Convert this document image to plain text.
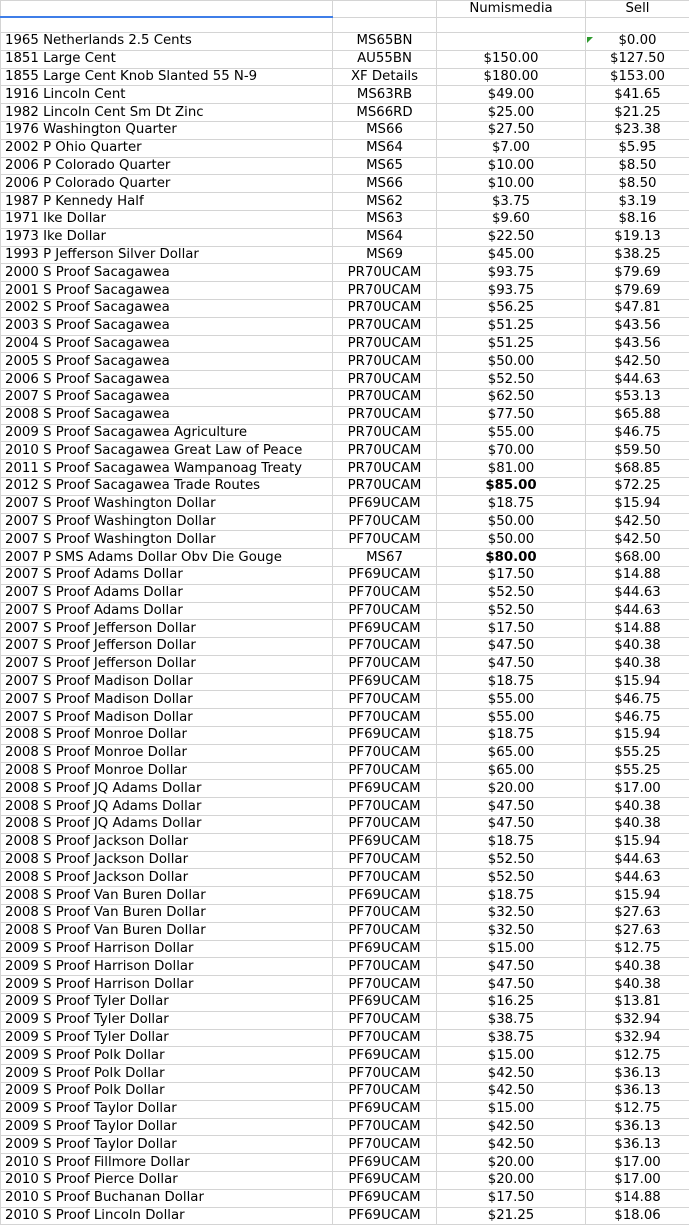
		Numismedia	Sell

1965 Netherlands 2.5 Cents	MS65BN		$0.00
1851 Large Cent	AU55BN	$150.00	$127.50
1855 Large Cent Knob Slanted 55 N-9	XF Details	$180.00	$153.00
1916 Lincoln Cent	MS63RB	$49.00	$41.65
1982 Lincoln Cent Sm Dt Zinc	MS66RD	$25.00	$21.25
1976 Washington Quarter	MS66	$27.50	$23.38
2002 P Ohio Quarter	MS64	$7.00	$5.95
2006 P Colorado Quarter	MS65	$10.00	$8.50
2006 P Colorado Quarter	MS66	$10.00	$8.50
1987 P Kennedy Half	MS62	$3.75	$3.19
1971 Ike Dollar	MS63	$9.60	$8.16
1973 Ike Dollar	MS64	$22.50	$19.13
1993 P Jefferson Silver Dollar	MS69	$45.00	$38.25
2000 S Proof Sacagawea	PR70UCAM	$93.75	$79.69
2001 S Proof Sacagawea	PR70UCAM	$93.75	$79.69
2002 S Proof Sacagawea	PR70UCAM	$56.25	$47.81
2003 S Proof Sacagawea	PR70UCAM	$51.25	$43.56
2004 S Proof Sacagawea	PR70UCAM	$51.25	$43.56
2005 S Proof Sacagawea	PR70UCAM	$50.00	$42.50
2006 S Proof Sacagawea	PR70UCAM	$52.50	$44.63
2007 S Proof Sacagawea	PR70UCAM	$62.50	$53.13
2008 S Proof Sacagawea	PR70UCAM	$77.50	$65.88
2009 S Proof Sacagawea Agriculture	PR70UCAM	$55.00	$46.75
2010 S Proof Sacagawea Great Law of Peace	PR70UCAM	$70.00	$59.50
2011 S Proof Sacagawea Wampanoag Treaty	PR70UCAM	$81.00	$68.85
2012 S Proof Sacagawea Trade Routes	PR70UCAM	$85.00	$72.25
2007 S Proof Washington Dollar	PF69UCAM	$18.75	$15.94
2007 S Proof Washington Dollar	PF70UCAM	$50.00	$42.50
2007 S Proof Washington Dollar	PF70UCAM	$50.00	$42.50
2007 P SMS Adams Dollar Obv Die Gouge	MS67	$80.00	$68.00
2007 S Proof Adams Dollar	PF69UCAM	$17.50	$14.88
2007 S Proof Adams Dollar	PF70UCAM	$52.50	$44.63
2007 S Proof Adams Dollar	PF70UCAM	$52.50	$44.63
2007 S Proof Jefferson Dollar	PF69UCAM	$17.50	$14.88
2007 S Proof Jefferson Dollar	PF70UCAM	$47.50	$40.38
2007 S Proof Jefferson Dollar	PF70UCAM	$47.50	$40.38
2007 S Proof Madison Dollar	PF69UCAM	$18.75	$15.94
2007 S Proof Madison Dollar	PF70UCAM	$55.00	$46.75
2007 S Proof Madison Dollar	PF70UCAM	$55.00	$46.75
2008 S Proof Monroe Dollar	PF69UCAM	$18.75	$15.94
2008 S Proof Monroe Dollar	PF70UCAM	$65.00	$55.25
2008 S Proof Monroe Dollar	PF70UCAM	$65.00	$55.25
2008 S Proof JQ Adams Dollar	PF69UCAM	$20.00	$17.00
2008 S Proof JQ Adams Dollar	PF70UCAM	$47.50	$40.38
2008 S Proof JQ Adams Dollar	PF70UCAM	$47.50	$40.38
2008 S Proof Jackson Dollar	PF69UCAM	$18.75	$15.94
2008 S Proof Jackson Dollar	PF70UCAM	$52.50	$44.63
2008 S Proof Jackson Dollar	PF70UCAM	$52.50	$44.63
2008 S Proof Van Buren Dollar	PF69UCAM	$18.75	$15.94
2008 S Proof Van Buren Dollar	PF70UCAM	$32.50	$27.63
2008 S Proof Van Buren Dollar	PF70UCAM	$32.50	$27.63
2009 S Proof Harrison Dollar	PF69UCAM	$15.00	$12.75
2009 S Proof Harrison Dollar	PF70UCAM	$47.50	$40.38
2009 S Proof Harrison Dollar	PF70UCAM	$47.50	$40.38
2009 S Proof Tyler Dollar	PF69UCAM	$16.25	$13.81
2009 S Proof Tyler Dollar	PF70UCAM	$38.75	$32.94
2009 S Proof Tyler Dollar	PF70UCAM	$38.75	$32.94
2009 S Proof Polk Dollar	PF69UCAM	$15.00	$12.75
2009 S Proof Polk Dollar	PF70UCAM	$42.50	$36.13
2009 S Proof Polk Dollar	PF70UCAM	$42.50	$36.13
2009 S Proof Taylor Dollar	PF69UCAM	$15.00	$12.75
2009 S Proof Taylor Dollar	PF70UCAM	$42.50	$36.13
2009 S Proof Taylor Dollar	PF70UCAM	$42.50	$36.13
2010 S Proof Fillmore Dollar	PF69UCAM	$20.00	$17.00
2010 S Proof Pierce Dollar	PF69UCAM	$20.00	$17.00
2010 S Proof Buchanan Dollar	PF69UCAM	$17.50	$14.88
2010 S Proof Lincoln Dollar	PF69UCAM	$21.25	$18.06
